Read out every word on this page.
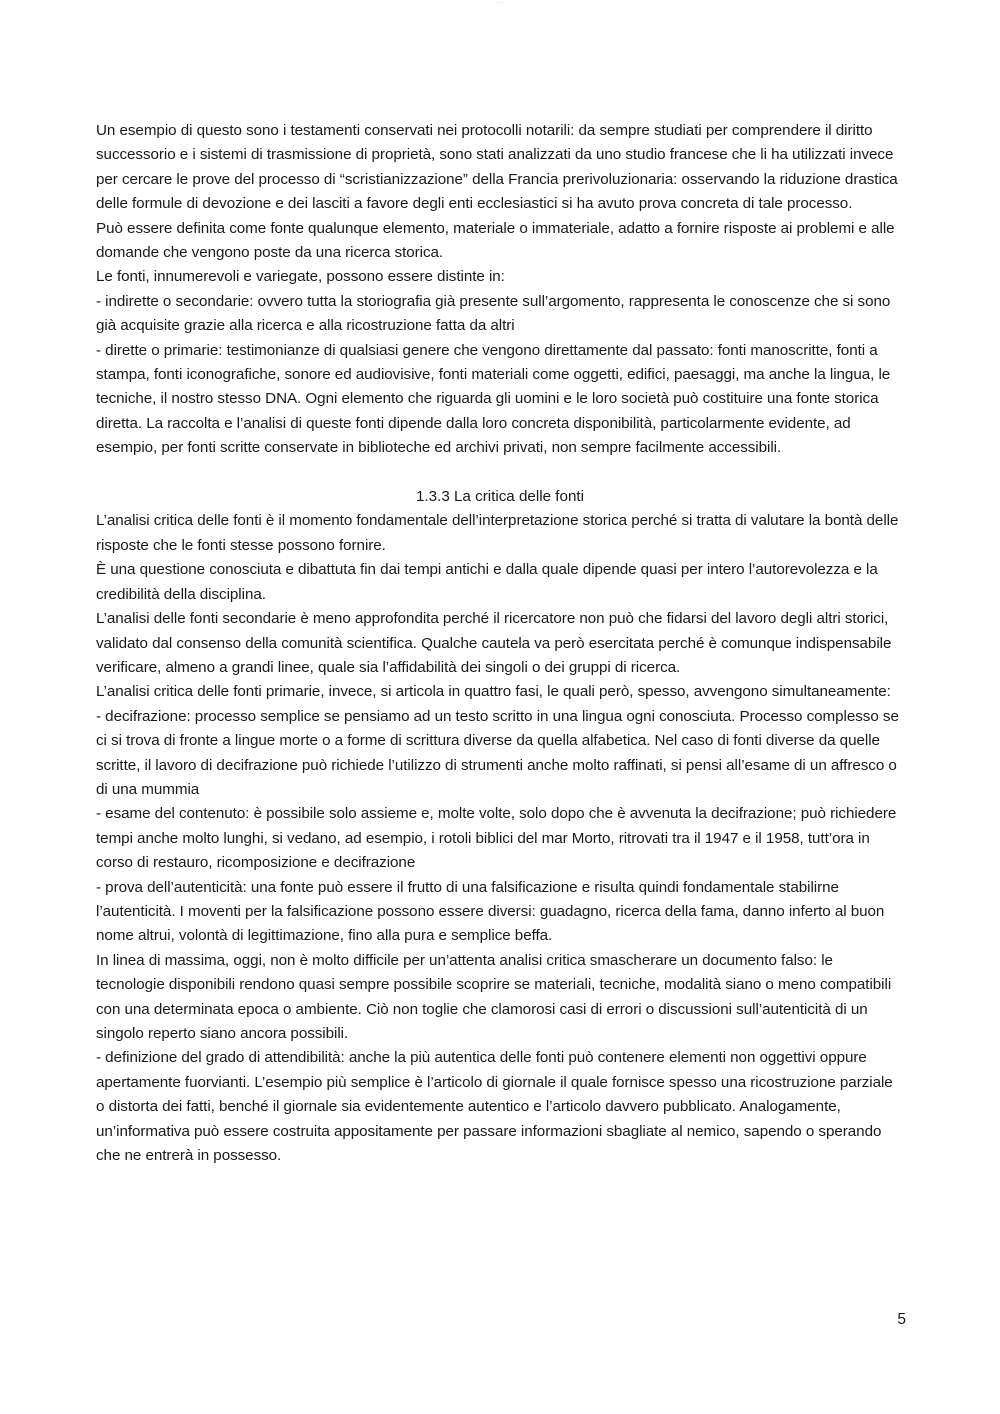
— —

Un esempio di questo sono i testamenti conservati nei protocolli notarili: da sempre studiati per comprendere il diritto successorio e i sistemi di trasmissione di proprietà, sono stati analizzati da uno studio francese che li ha utilizzati invece per cercare le prove del processo di “scristianizzazione” della Francia prerivoluzionaria: osservando la riduzione drastica delle formule di devozione e dei lasciti a favore degli enti ecclesiastici si ha avuto prova concreta di tale processo.

Può essere definita come fonte qualunque elemento, materiale o immateriale, adatto a fornire risposte ai problemi e alle domande che vengono poste da una ricerca storica.

Le fonti, innumerevoli e variegate, possono essere distinte in:

- indirette o secondarie: ovvero tutta la storiografia già presente sull’argomento, rappresenta le conoscenze che si sono già acquisite grazie alla ricerca e alla ricostruzione fatta da altri

- dirette o primarie: testimonianze di qualsiasi genere che vengono direttamente dal passato: fonti manoscritte, fonti a stampa, fonti iconografiche, sonore ed audiovisive, fonti materiali come oggetti, edifici, paesaggi, ma anche la lingua, le tecniche, il nostro stesso DNA. Ogni elemento che riguarda gli uomini e le loro società può costituire una fonte storica diretta. La raccolta e l’analisi di queste fonti dipende dalla loro concreta disponibilità, particolarmente evidente, ad esempio, per fonti scritte conservate in biblioteche ed archivi privati, non sempre facilmente accessibili.

1.3.3 La critica delle fonti

L’analisi critica delle fonti è il momento fondamentale dell’interpretazione storica perché si tratta di valutare la bontà delle risposte che le fonti stesse possono fornire.

È una questione conosciuta e dibattuta fin dai tempi antichi e dalla quale dipende quasi per intero l’autorevolezza e la credibilità della disciplina.

L’analisi delle fonti secondarie è meno approfondita perché il ricercatore non può che fidarsi del lavoro degli altri storici, validato dal consenso della comunità scientifica. Qualche cautela va però esercitata perché è comunque indispensabile verificare, almeno a grandi linee, quale sia l’affidabilità dei singoli o dei gruppi di ricerca.

L’analisi critica delle fonti primarie, invece, si articola in quattro fasi, le quali però, spesso, avvengono simultaneamente:

- decifrazione: processo semplice se pensiamo ad un testo scritto in una lingua ogni conosciuta. Processo complesso se ci si trova di fronte a lingue morte o a forme di scrittura diverse da quella alfabetica. Nel caso di fonti diverse da quelle scritte, il lavoro di decifrazione può richiede l’utilizzo di strumenti anche molto raffinati, si pensi all’esame di un affresco o di una mummia

- esame del contenuto: è possibile solo assieme e, molte volte, solo dopo che è avvenuta la decifrazione; può richiedere tempi anche molto lunghi, si vedano, ad esempio, i rotoli biblici del mar Morto, ritrovati tra il 1947 e il 1958, tutt’ora in corso di restauro, ricomposizione e decifrazione

- prova dell’autenticità: una fonte può essere il frutto di una falsificazione e risulta quindi fondamentale stabilirne l’autenticità. I moventi per la falsificazione possono essere diversi: guadagno, ricerca della fama, danno inferto al buon nome altrui, volontà di legittimazione, fino alla pura e semplice beffa.

In linea di massima, oggi, non è molto difficile per un’attenta analisi critica smascherare un documento falso: le tecnologie disponibili rendono quasi sempre possibile scoprire se materiali, tecniche, modalità siano o meno compatibili con una determinata epoca o ambiente. Ciò non toglie che clamorosi casi di errori o discussioni sull’autenticità di un singolo reperto siano ancora possibili.

- definizione del grado di attendibilità: anche la più autentica delle fonti può contenere elementi non oggettivi oppure apertamente fuorvianti. L’esempio più semplice è l’articolo di giornale il quale fornisce spesso una ricostruzione parziale o distorta dei fatti, benché il giornale sia evidentemente autentico e l’articolo davvero pubblicato. Analogamente, un’informativa può essere costruita appositamente per passare informazioni sbagliate al nemico, sapendo o sperando che ne entrerà in possesso.

5
